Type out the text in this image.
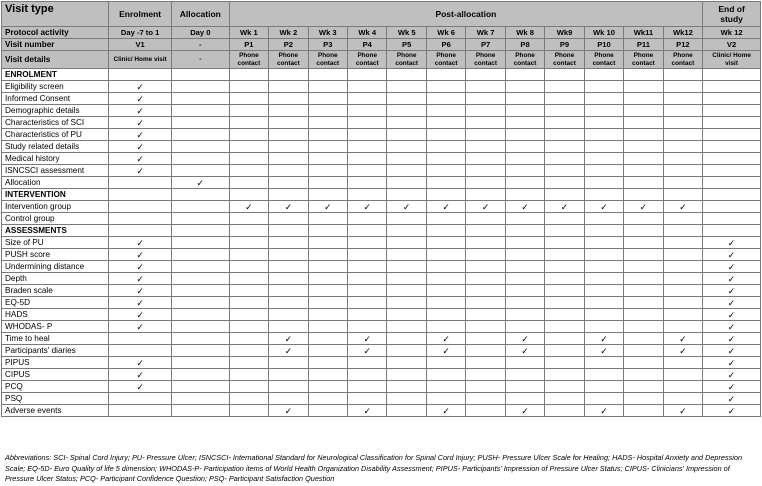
Visit type	Enrolment	Allocation	Post-allocation												End of study
Protocol activity	Day -7 to 1	Day 0	Wk 1	Wk 2	Wk 3	Wk 4	Wk 5	Wk 6	Wk 7	Wk 8	Wk9	Wk 10	Wk11	Wk12	Wk 12
Visit number	V1	-	P1	P2	P3	P4	P5	P6	P7	P8	P9	P10	P11	P12	V2
Visit details	Clinic/ Home visit	-	Phone contact	Phone contact	Phone contact	Phone contact	Phone contact	Phone contact	Phone contact	Phone contact	Phone contact	Phone contact	Phone contact	Phone contact	Clinic/ Home visit
ENROLMENT															
Eligibility screen	✓														
Informed Consent	✓														
Demographic details	✓														
Characteristics of SCI	✓														
Characteristics of PU	✓														
Study related details	✓														
Medical history	✓														
ISNCSCI assessment	✓														
Allocation		✓													
INTERVENTION															
Intervention group			✓	✓	✓	✓	✓	✓	✓	✓	✓	✓	✓	✓	
Control group															
ASSESSMENTS															
Size of PU	✓														✓
PUSH score	✓														✓
Undermining distance	✓														✓
Depth	✓														✓
Braden scale	✓														✓
EQ-5D	✓														✓
HADS	✓														✓
WHODAS- P	✓														✓
Time to heal				✓		✓		✓		✓		✓		✓	✓
Participants' diaries				✓		✓		✓		✓		✓		✓	✓
PIPUS	✓														✓
CIPUS	✓														✓
PCQ	✓														✓
PSQ															✓
Adverse events				✓		✓		✓		✓		✓		✓	✓
Abbreviations: SCI- Spinal Cord Injury; PU- Pressure Ulcer; ISNCSCI- International Standard for Neurological Classification for Spinal Cord Injury; PUSH- Pressure Ulcer Scale for Healing; HADS- Hospital Anxiety and Depression Scale; EQ-5D- Euro Quality of life 5 dimension; WHODAS-P- Participation items of World Health Organization Disability Assessment; PIPUS- Participants' Impression of Pressure Ulcer Status; CIPUS- Clinicians' Impression of Pressure Ulcer Status; PCQ- Participant Confidence Question; PSQ- Participant Satisfaction Question
